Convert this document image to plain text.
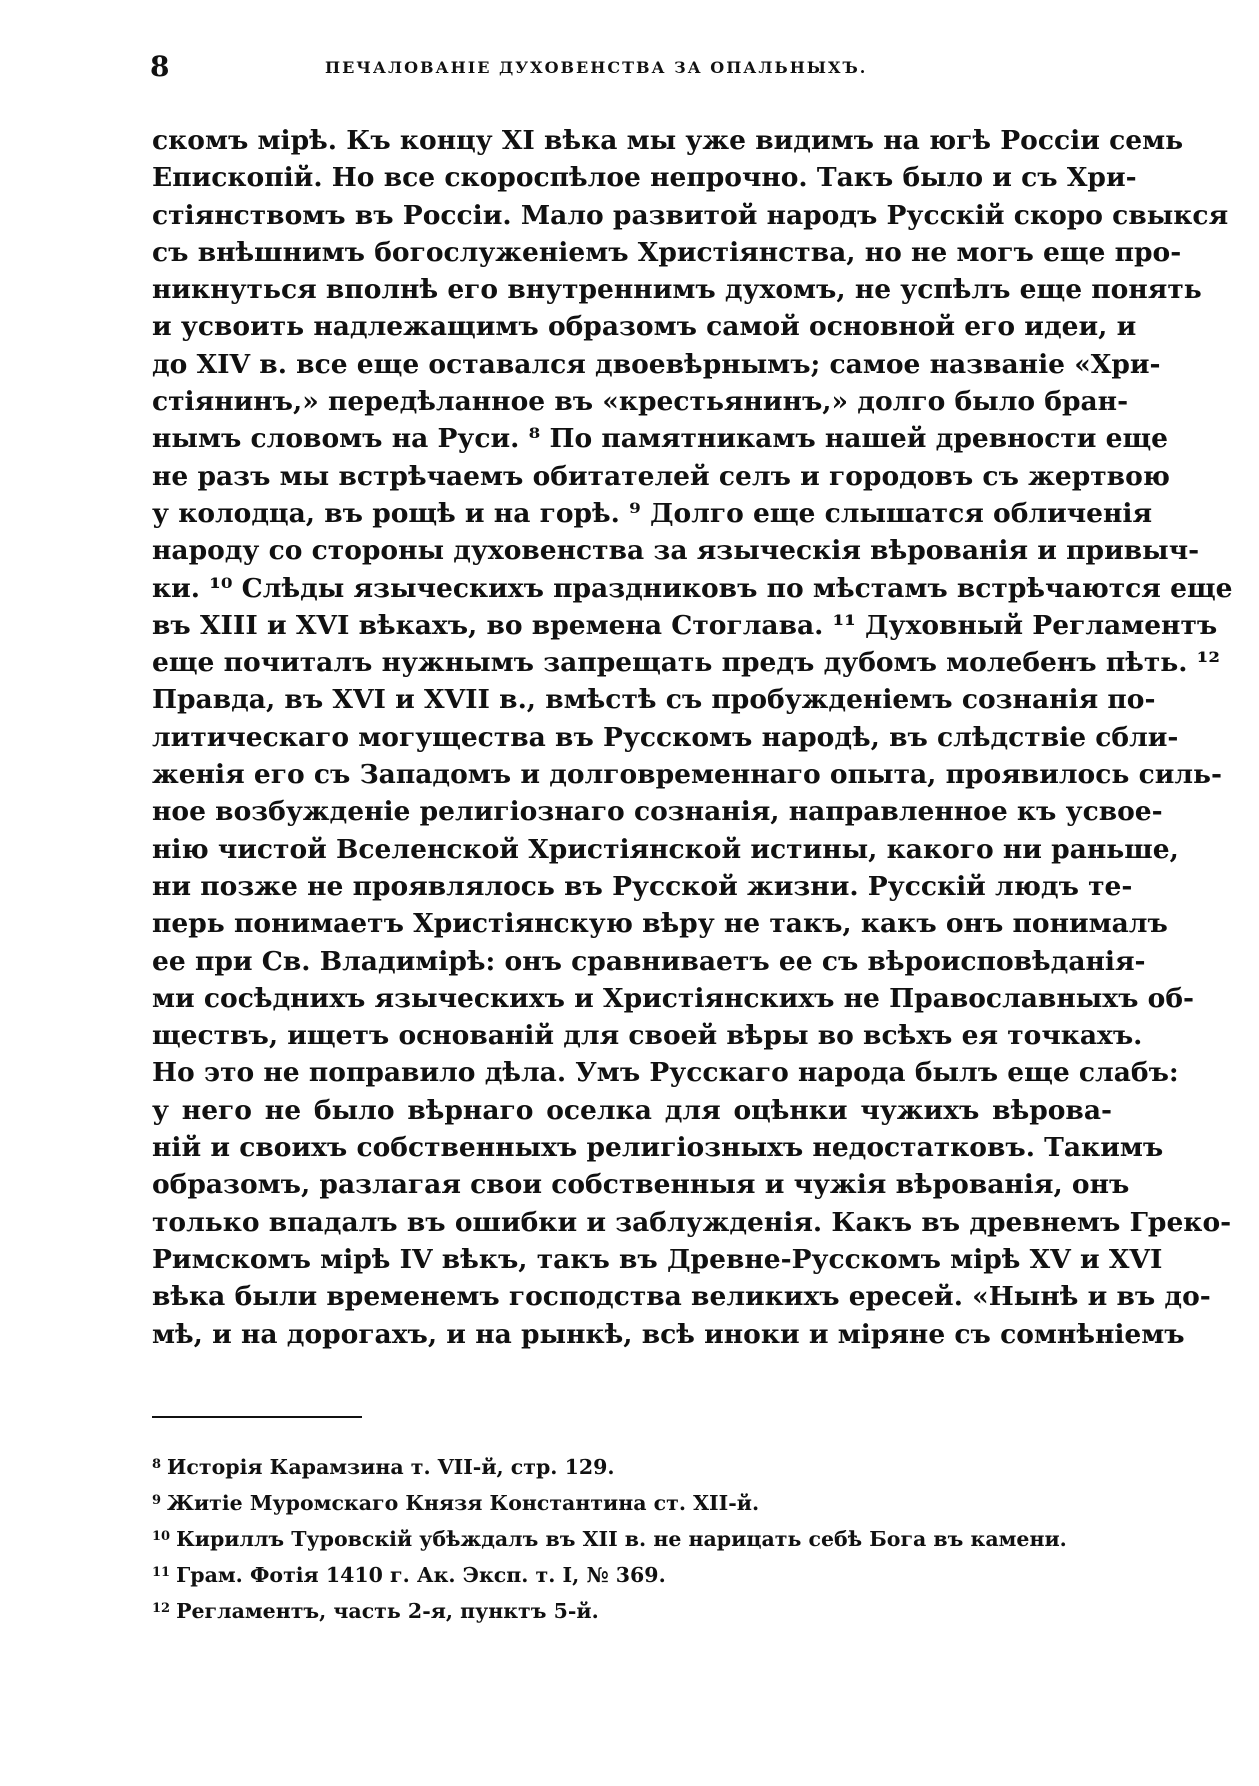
8	ПЕЧАЛОВАНІЕ ДУХОВЕНСТВА ЗА ОПАЛЬНЫХЪ.
скомъ мірѣ. Къ концу XI вѣка мы уже видимъ на югѣ Россіи семь
Епископій. Но все скороспѣлое непрочно. Такъ было и съ Хри-
стіянствомъ въ Россіи. Мало развитой народъ Русскій скоро свыкся
съ внѣшнимъ богослуженіемъ Христіянства, но не могъ еще про-
никнуться вполнѣ его внутреннимъ духомъ, не успѣлъ еще понять
и усвоить надлежащимъ образомъ самой основной его идеи, и
до XIV в. все еще оставался двоевѣрнымъ; самое названіе «Хри-
стіянинъ,» передѣланное въ «крестьянинъ,» долго было бран-
нымъ словомъ на Руси. ⁸ По памятникамъ нашей древности еще
не разъ мы встрѣчаемъ обитателей селъ и городовъ съ жертвою
у колодца, въ рощѣ и на горѣ. ⁹ Долго еще слышатся обличенія
народу со стороны духовенства за языческія вѣрованія и привыч-
ки. ¹⁰ Слѣды языческихъ праздниковъ по мѣстамъ встрѣчаются еще
въ XIII и XVI вѣкахъ, во времена Стоглава. ¹¹ Духовный Регламентъ
еще почиталъ нужнымъ запрещать предъ дубомъ молебенъ пѣть. ¹²
Правда, въ XVI и XVII в., вмѣстѣ съ пробужденіемъ сознанія по-
литическаго могущества въ Русскомъ народѣ, въ слѣдствіе сбли-
женія его съ Западомъ и долговременнаго опыта, проявилось силь-
ное возбужденіе религіознаго сознанія, направленное къ усвое-
нію чистой Вселенской Христіянской истины, какого ни раньше,
ни позже не проявлялось въ Русской жизни. Русскій людъ те-
перь понимаетъ Христіянскую вѣру не такъ, какъ онъ понималъ
ее при Св. Владимірѣ: онъ сравниваетъ ее съ вѣроисповѣданія-
ми сосѣднихъ языческихъ и Христіянскихъ не Православныхъ об-
ществъ, ищетъ основаній для своей вѣры во всѣхъ ея точкахъ.
Но это не поправило дѣла. Умъ Русскаго народа былъ еще слабъ:
у него не было вѣрнаго оселка для оцѣнки чужихъ вѣрова-
ній и своихъ собственныхъ религіозныхъ недостатковъ. Такимъ
образомъ, разлагая свои собственныя и чужія вѣрованія, онъ
только впадалъ въ ошибки и заблужденія. Какъ въ древнемъ Греко-
Римскомъ мірѣ IV вѣкъ, такъ въ Древне-Русскомъ мірѣ XV и XVI
вѣка были временемъ господства великихъ ересей. «Нынѣ и въ до-
мѣ, и на дорогахъ, и на рынкѣ, всѣ иноки и міряне съ сомнѣніемъ
$^8$ Исторія Карамзина т. VII-й, стр. 129.
$^9$ Житіе Муромскаго Князя Константина ст. XII-й.
$^{10}$ Кириллъ Туровскій убѣждалъ въ XII в. не нарицать себѣ Бога въ камени.
$^{11}$ Грам. Фотія 1410 г. Ак. Эксп. т. I, № 369.
$^{12}$ Регламентъ, часть 2-я, пунктъ 5-й.
